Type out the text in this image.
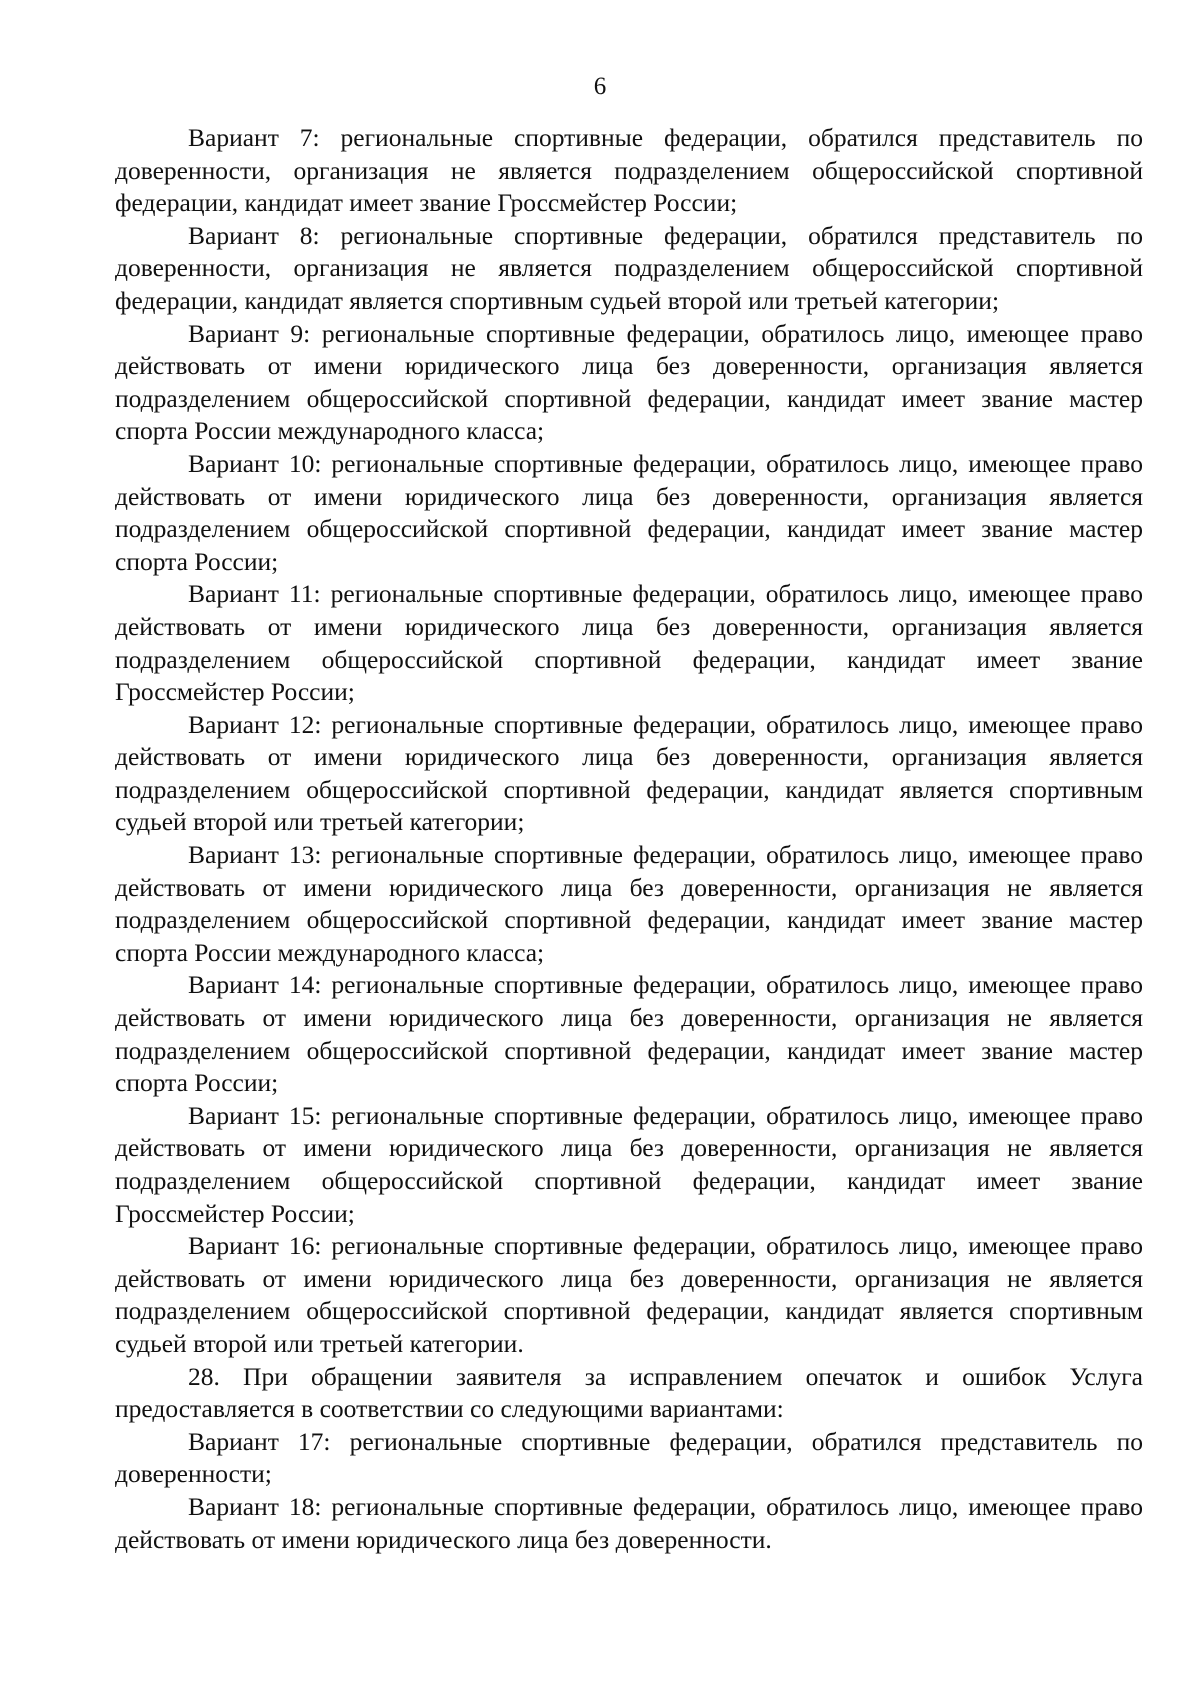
6

Вариант 7: региональные спортивные федерации, обратился представитель по доверенности, организация не является подразделением общероссийской спортивной федерации, кандидат имеет звание Гроссмейстер России;

Вариант 8: региональные спортивные федерации, обратился представитель по доверенности, организация не является подразделением общероссийской спортивной федерации, кандидат является спортивным судьей второй или третьей категории;

Вариант 9: региональные спортивные федерации, обратилось лицо, имеющее право действовать от имени юридического лица без доверенности, организация является подразделением общероссийской спортивной федерации, кандидат имеет звание мастер спорта России международного класса;

Вариант 10: региональные спортивные федерации, обратилось лицо, имеющее право действовать от имени юридического лица без доверенности, организация является подразделением общероссийской спортивной федерации, кандидат имеет звание мастер спорта России;

Вариант 11: региональные спортивные федерации, обратилось лицо, имеющее право действовать от имени юридического лица без доверенности, организация является подразделением общероссийской спортивной федерации, кандидат имеет звание Гроссмейстер России;

Вариант 12: региональные спортивные федерации, обратилось лицо, имеющее право действовать от имени юридического лица без доверенности, организация является подразделением общероссийской спортивной федерации, кандидат является спортивным судьей второй или третьей категории;

Вариант 13: региональные спортивные федерации, обратилось лицо, имеющее право действовать от имени юридического лица без доверенности, организация не является подразделением общероссийской спортивной федерации, кандидат имеет звание мастер спорта России международного класса;

Вариант 14: региональные спортивные федерации, обратилось лицо, имеющее право действовать от имени юридического лица без доверенности, организация не является подразделением общероссийской спортивной федерации, кандидат имеет звание мастер спорта России;

Вариант 15: региональные спортивные федерации, обратилось лицо, имеющее право действовать от имени юридического лица без доверенности, организация не является подразделением общероссийской спортивной федерации, кандидат имеет звание Гроссмейстер России;

Вариант 16: региональные спортивные федерации, обратилось лицо, имеющее право действовать от имени юридического лица без доверенности, организация не является подразделением общероссийской спортивной федерации, кандидат является спортивным судьей второй или третьей категории.

28. При обращении заявителя за исправлением опечаток и ошибок Услуга предоставляется в соответствии со следующими вариантами:

Вариант 17: региональные спортивные федерации, обратился представитель по доверенности;

Вариант 18: региональные спортивные федерации, обратилось лицо, имеющее право действовать от имени юридического лица без доверенности.
